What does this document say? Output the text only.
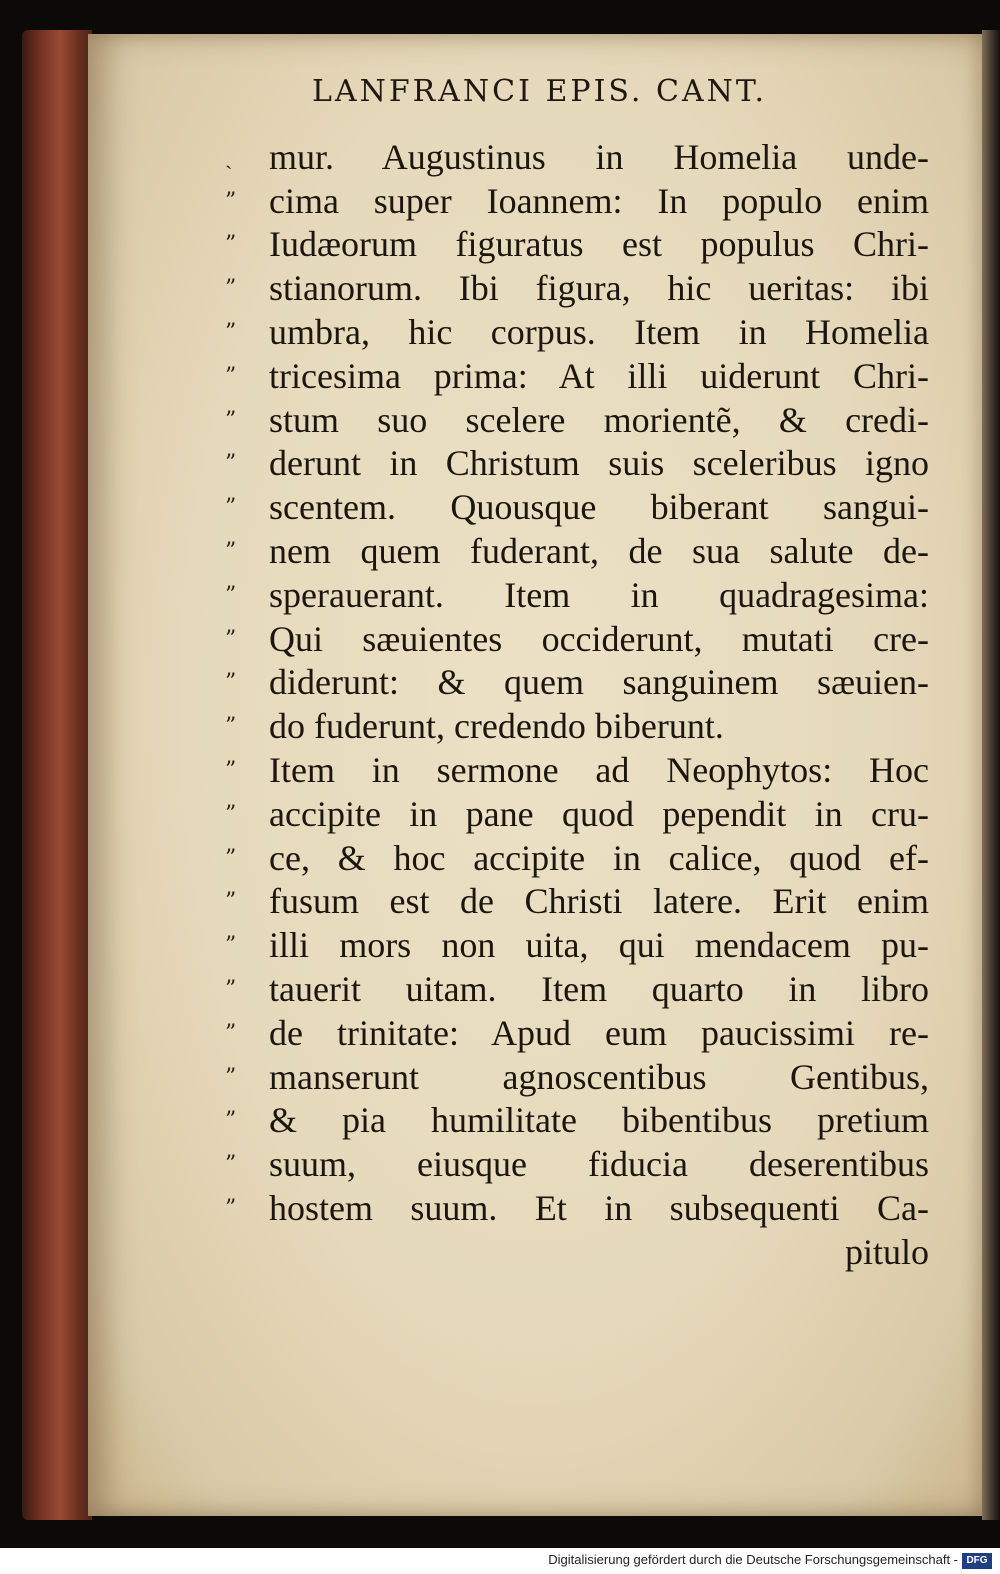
LANFRANCI EPIS. CANT.
ˏ mur. Augustinus in Homelia unde-
” cima super Ioannem: In populo enim
” Iudæorum figuratus est populus Chri-
” stianorum. Ibi figura, hic ueritas: ibi
” umbra, hic corpus. Item in Homelia
” tricesima prima: At illi uiderunt Chri-
” stum suo scelere morientẽ, & credi-
” derunt in Christum suis sceleribus igno
” scentem. Quousque biberant sangui-
” nem quem fuderant, de sua salute de-
” sperauerant. Item in quadragesima:
” Qui sæuientes occiderunt, mutati cre-
” diderunt: & quem sanguinem sæuien-
” do fuderunt, credendo biberunt.
” Item in sermone ad Neophytos: Hoc
” accipite in pane quod pependit in cru-
” ce, & hoc accipite in calice, quod ef-
” fusum est de Christi latere. Erit enim
” illi mors non uita, qui mendacem pu-
” tauerit uitam. Item quarto in libro
” de trinitate: Apud eum paucissimi re-
” manserunt agnoscentibus Gentibus,
” & pia humilitate bibentibus pretium
” suum, eiusque fiducia deserentibus
” hostem suum. Et in subsequenti Ca-
pitulo
Digitalisierung gefördert durch die Deutsche Forschungsgemeinschaft - DFG
